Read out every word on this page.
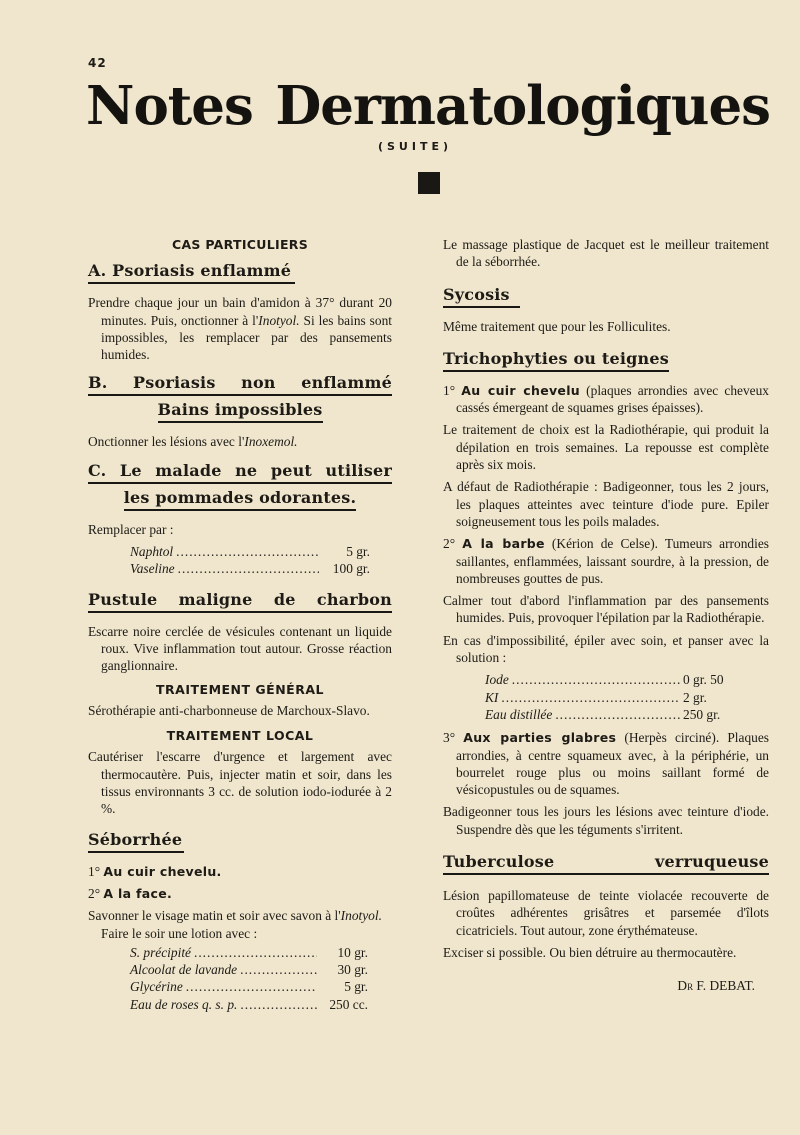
42
Notes Dermatologiques
(SUITE)
CAS PARTICULIERS
A. Psoriasis enflammé
Prendre chaque jour un bain d'amidon à 37° durant 20 minutes. Puis, onctionner à l'Inotyol. Si les bains sont impossibles, les remplacer par des pansements humides.
B. Psoriasis non enflammé
Bains impossibles
Onctionner les lésions avec l'Inoxemol.
C. Le malade ne peut utiliser
les pommades odorantes.
Remplacer par :
Naphtol .....	5 gr.
Vaseline .....	100 gr.
Pustule maligne de charbon
Escarre noire cerclée de vésicules contenant un liquide roux. Vive inflammation tout autour. Grosse réaction ganglionnaire.
TRAITEMENT GÉNÉRAL
Sérothérapie anti-charbonneuse de Marchoux-Slavo.
TRAITEMENT LOCAL
Cautériser l'escarre d'urgence et largement avec thermocautère. Puis, injecter matin et soir, dans les tissus environnants 3 cc. de solution iodo-iodurée à 2 %.
Séborrhée
1° Au cuir chevelu.
2° A la face.
Savonner le visage matin et soir avec savon à l'Inotyol.
Faire le soir une lotion avec :
S. précipité .....	10 gr.
Alcoolat de lavande .....	30 gr.
Glycérine .....	5 gr.
Eau de roses q. s. p. .....	250 cc.
Le massage plastique de Jacquet est le meilleur traitement de la séborrhée.
Sycosis
Même traitement que pour les Folliculites.
Trichophyties ou teignes
1° Au cuir chevelu (plaques arrondies avec cheveux cassés émergeant de squames grises épaisses).
Le traitement de choix est la Radiothérapie, qui produit la dépilation en trois semaines. La repousse est complète après six mois.
A défaut de Radiothérapie : Badigeonner, tous les 2 jours, les plaques atteintes avec teinture d'iode pure. Epiler soigneusement tous les poils malades.
2° A la barbe (Kérion de Celse). Tumeurs arrondies saillantes, enflammées, laissant sourdre, à la pression, de nombreuses gouttes de pus.
Calmer tout d'abord l'inflammation par des pansements humides. Puis, provoquer l'épilation par la Radiothérapie.
En cas d'impossibilité, épiler avec soin, et panser avec la solution :
Iode .....	0 gr. 50
KI .....	2 gr.
Eau distillée .....	250 gr.
3° Aux parties glabres (Herpès circiné). Plaques arrondies, à centre squameux avec, à la périphérie, un bourrelet rouge plus ou moins saillant formé de vésicopustules ou de squames.
Badigeonner tous les jours les lésions avec teinture d'iode. Suspendre dès que les téguments s'irritent.
Tuberculose verruqueuse
Lésion papillomateuse de teinte violacée recouverte de croûtes adhérentes grisâtres et parsemée d'îlots cicatriciels. Tout autour, zone érythémateuse.
Exciser si possible. Ou bien détruire au thermocautère.
Dr F. DEBAT.
